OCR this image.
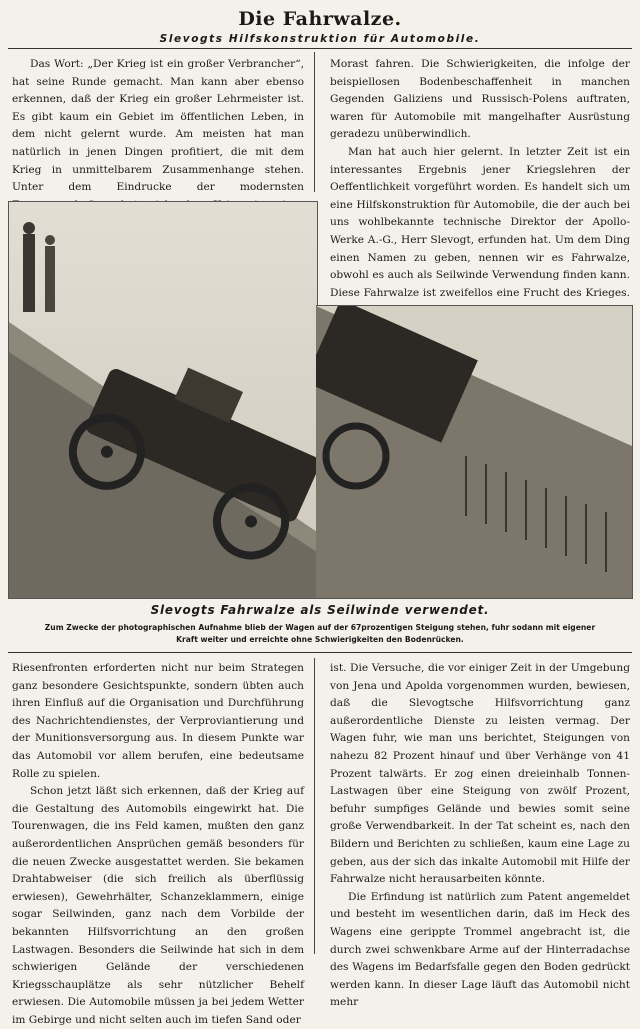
Die Fahrwalze.
Slevogts Hilfskonstruktion für Automobile.

Das Wort: „Der Krieg ist ein großer Verbrancher“, hat seine Runde gemacht. Man kann aber ebenso erkennen, daß der Krieg ein großer Lehrmeister ist. Es gibt kaum ein Gebiet im öffentlichen Leben, in dem nicht gelernt wurde. Am meisten hat man natürlich in jenen Dingen profitiert, die mit dem Krieg in unmittelbarem Zusammenhange stehen. Unter dem Eindrucke der modernsten

Morast fahren. Die Schwierigkeiten, die infolge der beispiellosen Bodenbeschaffenheit in manchen Gegenden Galiziens und Russisch-Polens auftraten, waren für Automobile mit mangelhafter Ausrüstung geradezu unüberwindlich.

Man hat auch hier gelernt. In letzter Zeit ist ein interessantes Ergebnis jener Kriegslehren der Oeffentlichkeit vorgeführt worden. Es handelt sich um eine Hilfskonstruktion für Automobile, die der auch bei uns wohlbekannte technische Direktor der Apollo-Werke A.-G., Herr Slevogt, erfunden hat. Um dem Ding einen Namen zu geben, nennen wir es Fahrwalze, obwohl es auch als Seilwinde Verwendung finden kann. Diese Fahrwalze ist zweifellos eine Frucht des Krieges.

Slevogts Fahrwalze als Seilwinde verwendet.
Zum Zwecke der photographischen Aufnahme blieb der Wagen auf der 67prozentigen Steigung stehen, fuhr sodann mit eigener Kraft weiter und erreichte ohne Schwierigkeiten den Bodenrücken.

Riesenfronten erforderten nicht nur beim Strategen ganz besondere Gesichtspunkte, sondern übten auch ihren Einfluß auf die Organisation und Durchführung des Nachrichtendienstes, der Verproviantierung und der Munitionsversorgung aus. In diesem Punkte war das Automobil vor allem berufen, eine bedeutsame Rolle zu spielen.

Schon jetzt läßt sich erkennen, daß der Krieg auf die Gestaltung des Automobils eingewirkt hat. Die Tourenwagen, die ins Feld kamen, mußten den ganz außerordentlichen Ansprüchen gemäß besonders für die neuen Zwecke ausgestattet werden. Sie bekamen Drahtabweiser (die sich freilich als überflüssig erwiesen), Gewehrhälter, Schanzeklammern, einige sogar Seilwinden, ganz nach dem Vorbilde der bekannten Hilfsvorrichtung an den großen Lastwagen. Besonders die Seilwinde hat sich in dem schwierigen Gelände der verschiedenen Kriegsschauplätze als sehr nützlicher Behelf erwiesen. Die Automobile müssen ja bei jedem Wetter im Gebirge und nicht selten auch im tiefen Sand oder

ist. Die Versuche, die vor einiger Zeit in der Umgebung von Jena und Apolda vorgenommen wurden, bewiesen, daß die Slevogtsche Hilfsvorrichtung ganz außerordentliche Dienste zu leisten vermag. Der Wagen fuhr, wie man uns berichtet, Steigungen von nahezu 82 Prozent hinauf und über Verhänge von 41 Prozent talwärts. Er zog einen dreieinhalb Tonnen-Lastwagen über eine Steigung von zwölf Prozent, befuhr sumpfiges Gelände und bewies somit seine große Verwendbarkeit. In der Tat scheint es, nach den Bildern und Berichten zu schließen, kaum eine Lage zu geben, aus der sich das inkalte Automobil mit Hilfe der Fahrwalze nicht herausarbeiten könnte.

Die Erfindung ist natürlich zum Patent angemeldet und besteht im wesentlichen darin, daß im Heck des Wagens eine gerippte Trommel angebracht ist, die durch zwei schwenkbare Arme auf der Hinterradachse des Wagens im Bedarfsfalle gegen den Boden gedrückt werden kann. In dieser Lage läuft das Automobil nicht mehr
